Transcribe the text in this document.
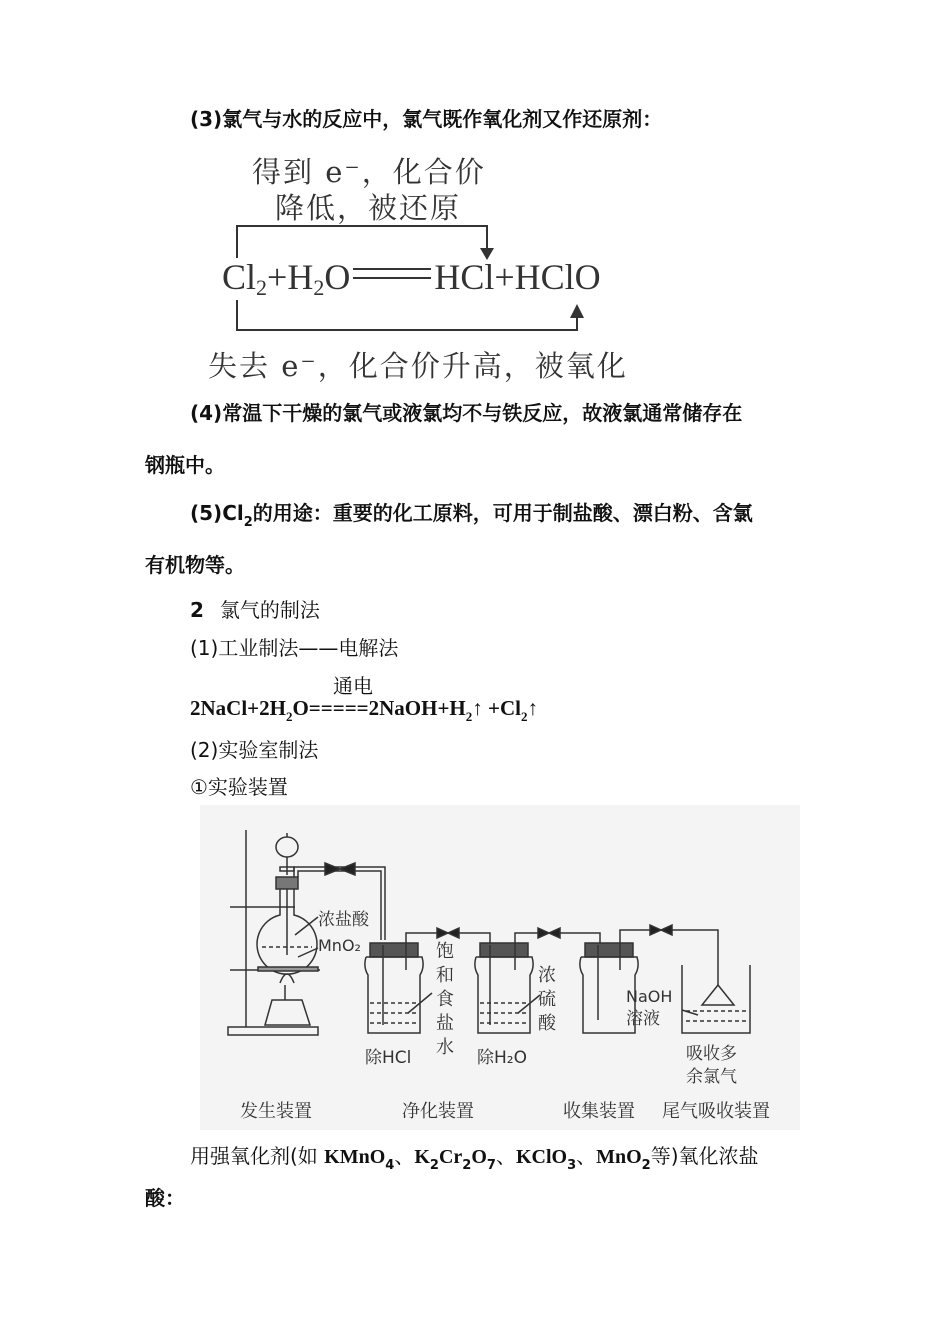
(3)氯气与水的反应中，氯气既作氧化剂又作还原剂：
得到 e⁻，化合价
降低，被还原
Cl2+H2O HCl+HClO
失去 e⁻，化合价升高，被氧化
(4)常温下干燥的氯气或液氯均不与铁反应，故液氯通常储存在
钢瓶中。
$(5)Cl_2$的用途：重要的化工原料，可用于制盐酸、漂白粉、含氯
有机物等。
2 氯气的制法
(1)工业制法——电解法
通电
$2NaCl+2H_2O=====2NaOH+H_2↑$ $+Cl_2↑$
(2)实验室制法
①实验装置
浓盐酸
MnO₂	饱
和
食
盐
水
除HCl
浓
硫
酸
除H₂O
NaOH
溶液
吸收多
余氯气
发生装置	净化装置	收集装置 尾气吸收装置
用强氧化剂(如 KMnO$_4$、$K_2Cr_2O_7$、KClO$_3$、MnO$_2$等)氧化浓盐
酸：
